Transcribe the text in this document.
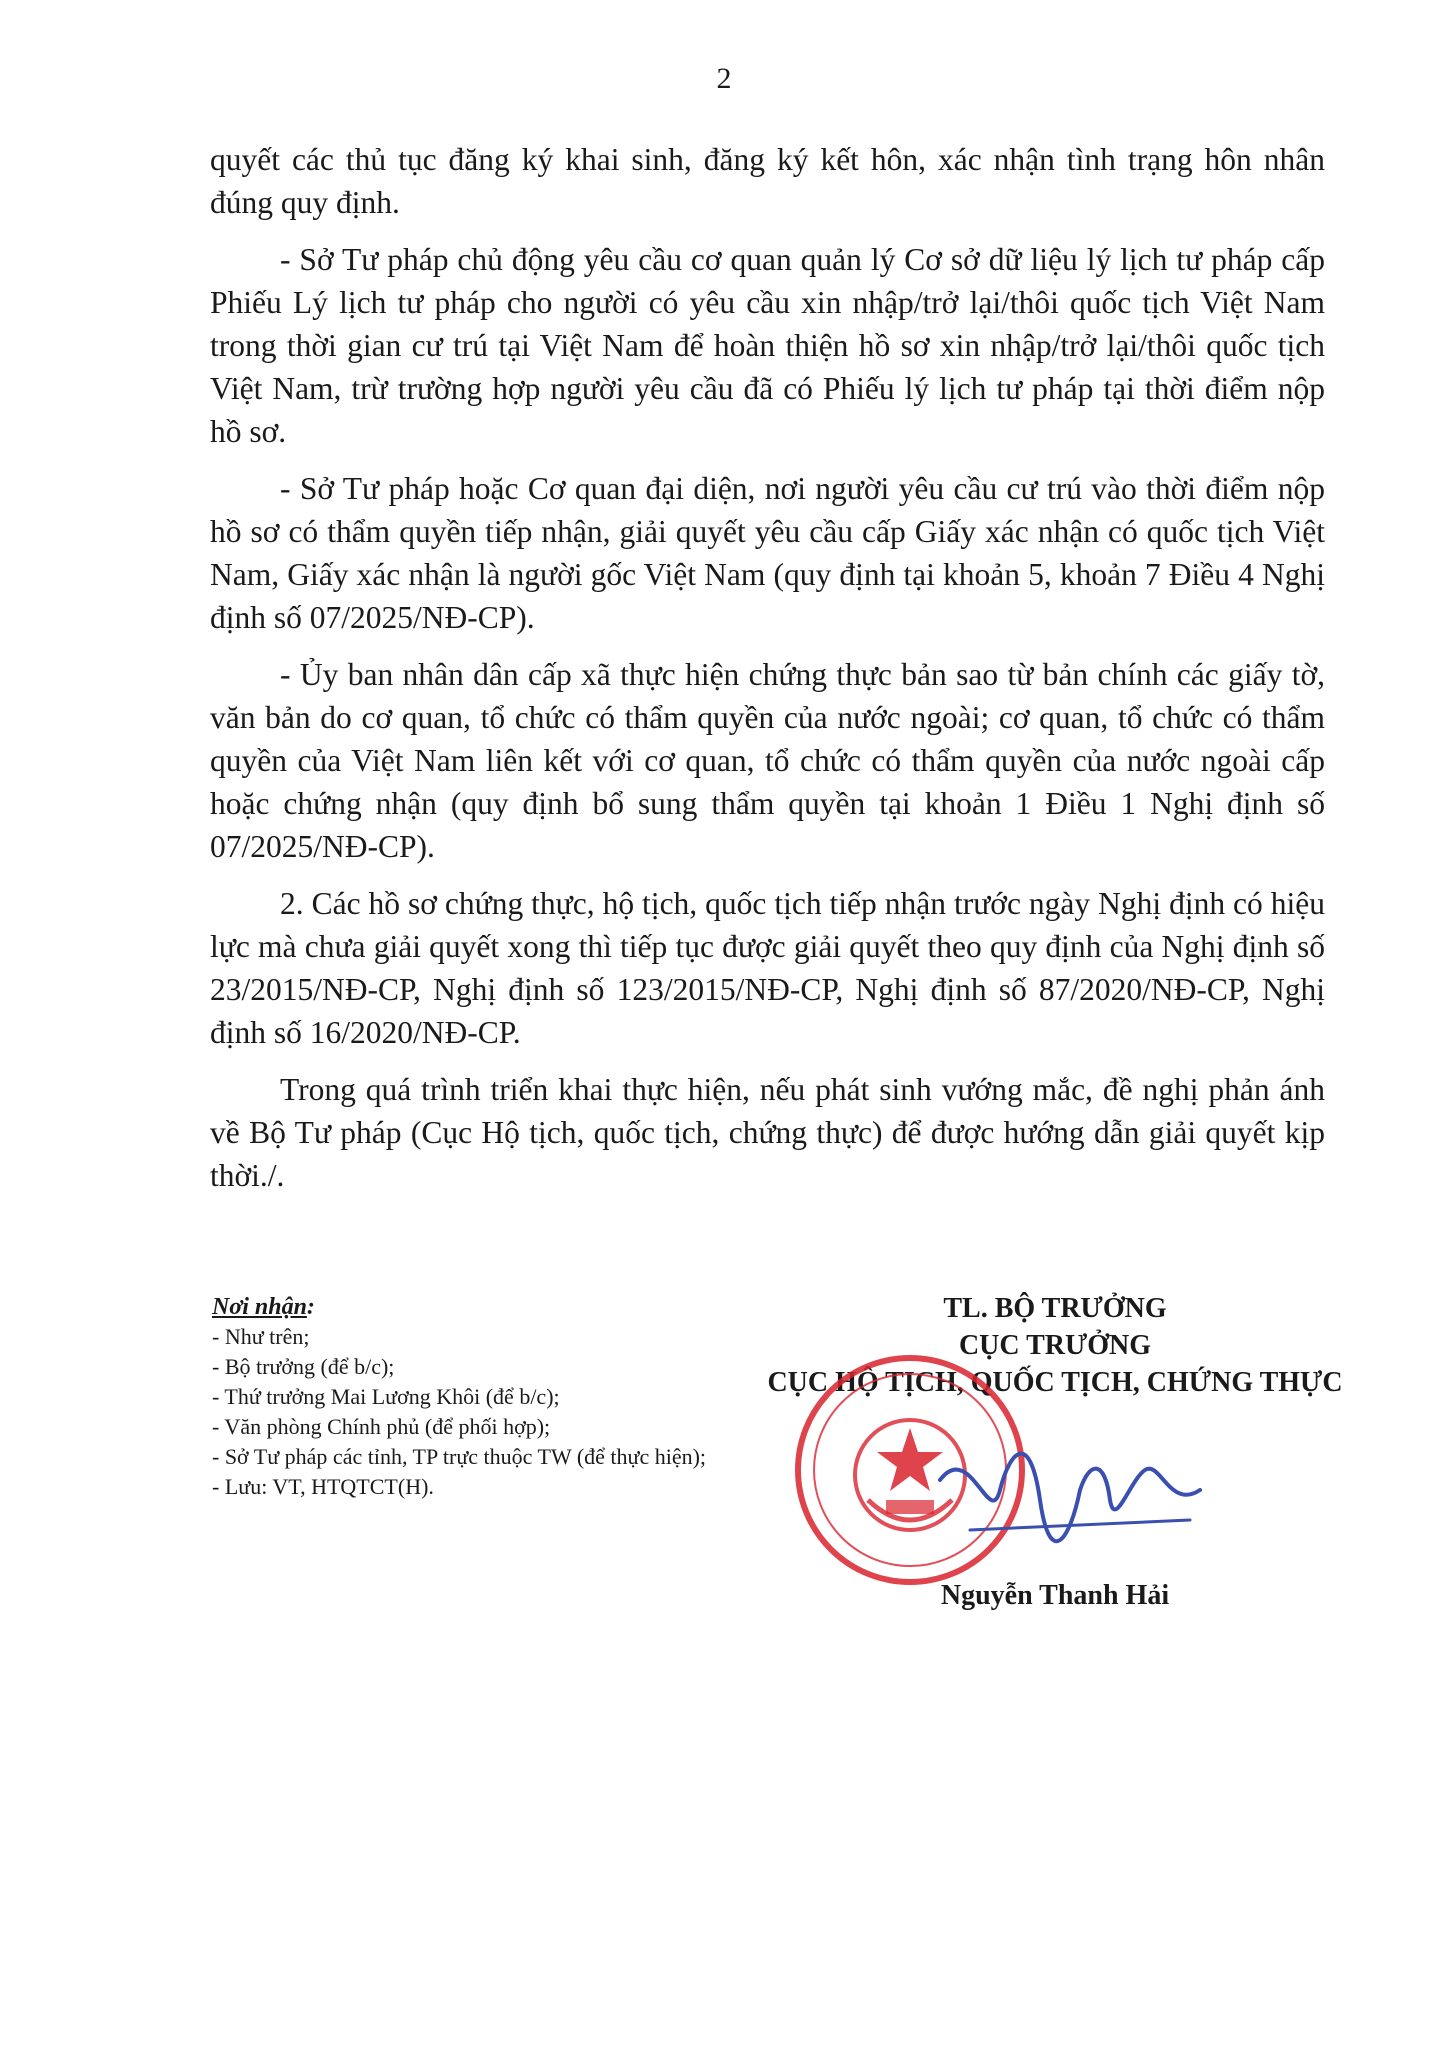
2

quyết các thủ tục đăng ký khai sinh, đăng ký kết hôn, xác nhận tình trạng hôn nhân đúng quy định.

- Sở Tư pháp chủ động yêu cầu cơ quan quản lý Cơ sở dữ liệu lý lịch tư pháp cấp Phiếu Lý lịch tư pháp cho người có yêu cầu xin nhập/trở lại/thôi quốc tịch Việt Nam trong thời gian cư trú tại Việt Nam để hoàn thiện hồ sơ xin nhập/trở lại/thôi quốc tịch Việt Nam, trừ trường hợp người yêu cầu đã có Phiếu lý lịch tư pháp tại thời điểm nộp hồ sơ.

- Sở Tư pháp hoặc Cơ quan đại diện, nơi người yêu cầu cư trú vào thời điểm nộp hồ sơ có thẩm quyền tiếp nhận, giải quyết yêu cầu cấp Giấy xác nhận có quốc tịch Việt Nam, Giấy xác nhận là người gốc Việt Nam (quy định tại khoản 5, khoản 7 Điều 4 Nghị định số 07/2025/NĐ-CP).

- Ủy ban nhân dân cấp xã thực hiện chứng thực bản sao từ bản chính các giấy tờ, văn bản do cơ quan, tổ chức có thẩm quyền của nước ngoài; cơ quan, tổ chức có thẩm quyền của Việt Nam liên kết với cơ quan, tổ chức có thẩm quyền của nước ngoài cấp hoặc chứng nhận (quy định bổ sung thẩm quyền tại khoản 1 Điều 1 Nghị định số 07/2025/NĐ-CP).

2. Các hồ sơ chứng thực, hộ tịch, quốc tịch tiếp nhận trước ngày Nghị định có hiệu lực mà chưa giải quyết xong thì tiếp tục được giải quyết theo quy định của Nghị định số 23/2015/NĐ-CP, Nghị định số 123/2015/NĐ-CP, Nghị định số 87/2020/NĐ-CP, Nghị định số 16/2020/NĐ-CP.

Trong quá trình triển khai thực hiện, nếu phát sinh vướng mắc, đề nghị phản ánh về Bộ Tư pháp (Cục Hộ tịch, quốc tịch, chứng thực) để được hướng dẫn giải quyết kịp thời./.

Nơi nhận:
- Như trên;
- Bộ trưởng (để b/c);
- Thứ trưởng Mai Lương Khôi (để b/c);
- Văn phòng Chính phủ (để phối hợp);
- Sở Tư pháp các tỉnh, TP trực thuộc TW (để thực hiện);
- Lưu: VT, HTQTCT(H).
TL. BỘ TRƯỞNG
CỤC TRƯỞNG
CỤC HỘ TỊCH, QUỐC TỊCH, CHỨNG THỰC
Nguyễn Thanh Hải
